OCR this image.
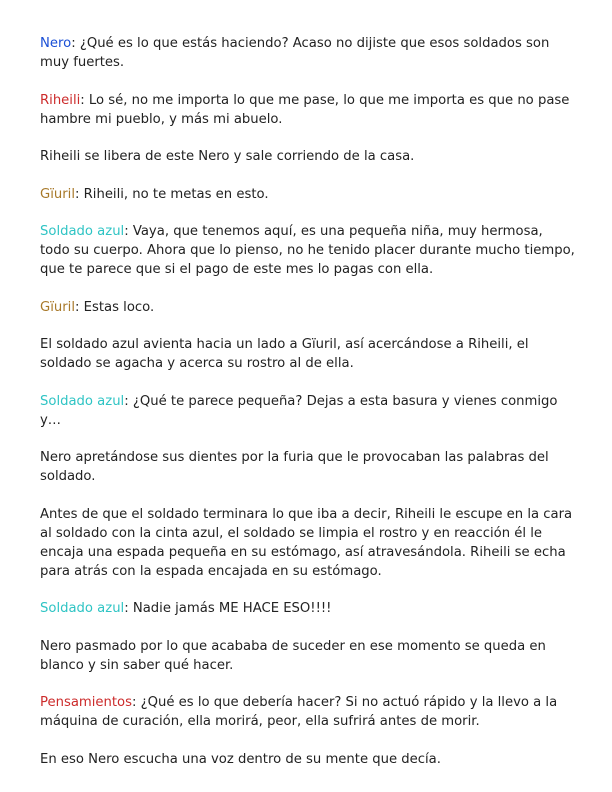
Nero: ¿Qué es lo que estás haciendo? Acaso no dijiste que esos soldados son muy fuertes.

Riheili: Lo sé, no me importa lo que me pase, lo que me importa es que no pase hambre mi pueblo, y más mi abuelo.

Riheili se libera de este Nero y sale corriendo de la casa.

Gïuril: Riheili, no te metas en esto.

Soldado azul: Vaya, que tenemos aquí, es una pequeña niña, muy hermosa, todo su cuerpo. Ahora que lo pienso, no he tenido placer durante mucho tiempo, que te parece que si el pago de este mes lo pagas con ella.

Gïuril: Estas loco.

El soldado azul avienta hacia un lado a Gïuril, así acercándose a Riheili, el soldado se agacha y acerca su rostro al de ella.

Soldado azul: ¿Qué te parece pequeña? Dejas a esta basura y vienes conmigo y…

Nero apretándose sus dientes por la furia que le provocaban las palabras del soldado.

Antes de que el soldado terminara lo que iba a decir, Riheili le escupe en la cara al soldado con la cinta azul, el soldado se limpia el rostro y en reacción él le encaja una espada pequeña en su estómago, así atravesándola. Riheili se echa para atrás con la espada encajada en su estómago.

Soldado azul: Nadie jamás ME HACE ESO!!!!

Nero pasmado por lo que acababa de suceder en ese momento se queda en blanco y sin saber qué hacer.

Pensamientos: ¿Qué es lo que debería hacer? Si no actuó rápido y la llevo a la máquina de curación, ella morirá, peor, ella sufrirá antes de morir.

En eso Nero escucha una voz dentro de su mente que decía.
